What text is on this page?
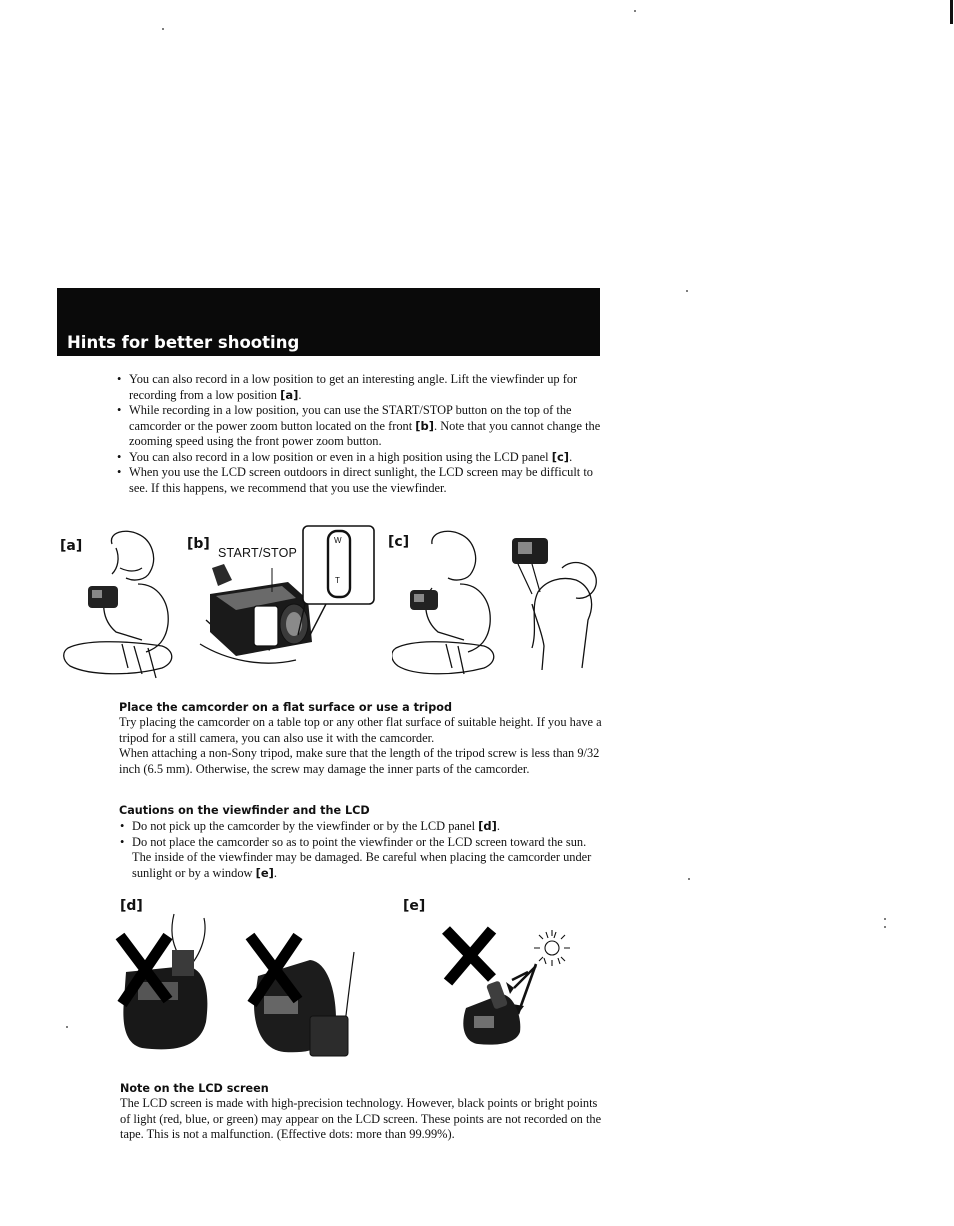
Hints for better shooting
• You can also record in a low position to get an interesting angle. Lift the viewfinder up for recording from a low position [a].
• While recording in a low position, you can use the START/STOP button on the top of the camcorder or the power zoom button located on the front [b]. Note that you cannot change the zooming speed using the front power zoom button.
• You can also record in a low position or even in a high position using the LCD panel [c].
• When you use the LCD screen outdoors in direct sunlight, the LCD screen may be difficult to see. If this happens, we recommend that you use the viewfinder.
[a]	[b]	[c]
START/STOP
W
T
Place the camcorder on a flat surface or use a tripod

Try placing the camcorder on a table top or any other flat surface of suitable height. If you have a tripod for a still camera, you can also use it with the camcorder.

When attaching a non-Sony tripod, make sure that the length of the tripod screw is less than 9/32 inch (6.5 mm). Otherwise, the screw may damage the inner parts of the camcorder.

Cautions on the viewfinder and the LCD
• Do not pick up the camcorder by the viewfinder or by the LCD panel [d].
• Do not place the camcorder so as to point the viewfinder or the LCD screen toward the sun. The inside of the viewfinder may be damaged. Be careful when placing the camcorder under sunlight or by a window [e].
[d]	[e]
Note on the LCD screen

The LCD screen is made with high-precision technology. However, black points or bright points of light (red, blue, or green) may appear on the LCD screen. These points are not recorded on the tape. This is not a malfunction. (Effective dots: more than 99.99%).
